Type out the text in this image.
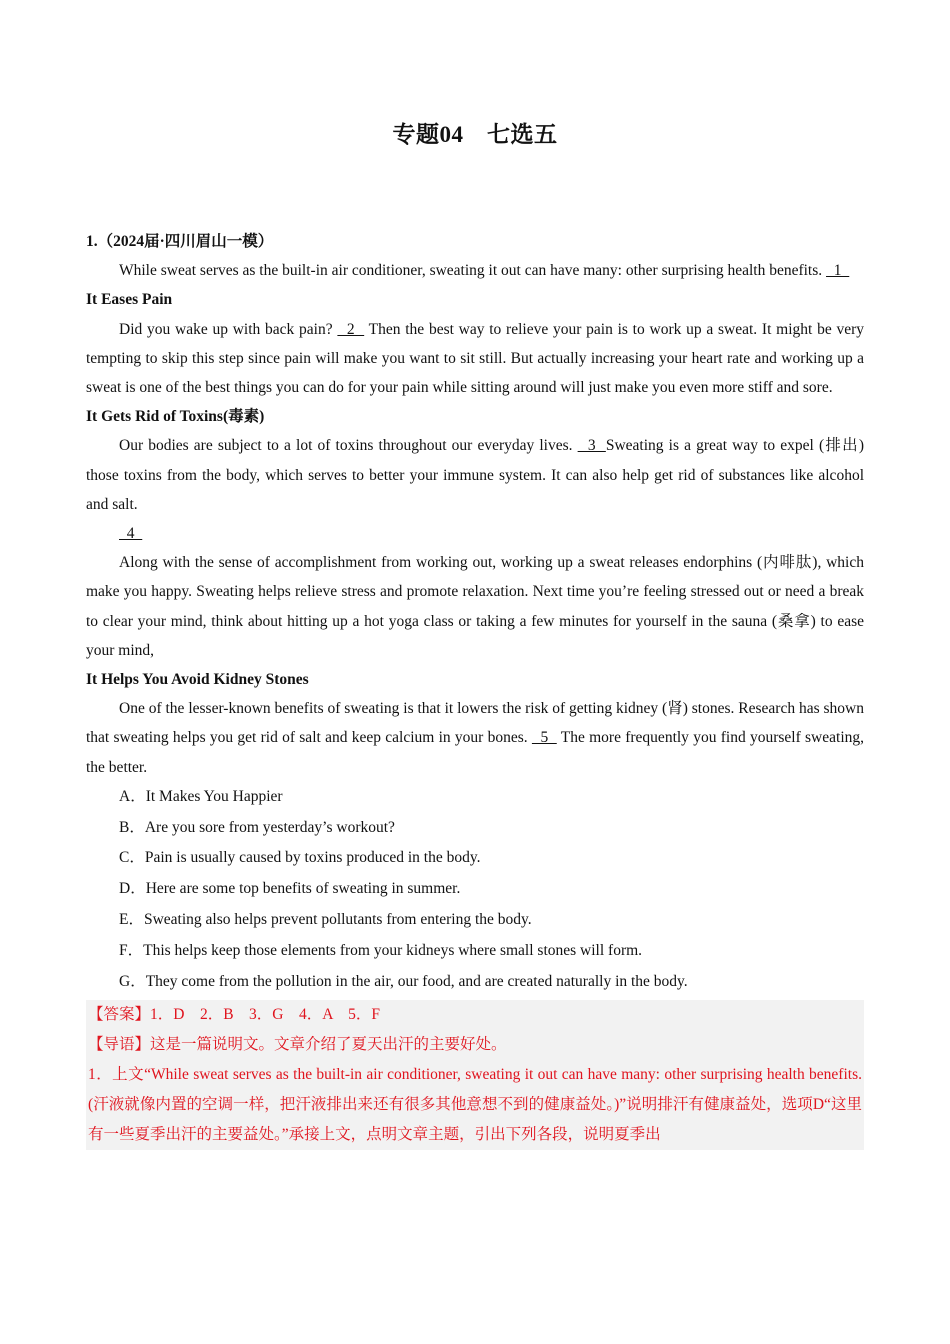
专题04　七选五

1.（2024届·四川眉山一模）

While sweat serves as the built-in air conditioner, sweating it out can have many: other surprising health benefits.   1

It Eases Pain

Did you wake up with back pain?   2   Then the best way to relieve your pain is to work up a sweat. It might be very tempting to skip this step since pain will make you want to sit still. But actually increasing your heart rate and working up a sweat is one of the best things you can do for your pain while sitting around will just make you even more stiff and sore.

It Gets Rid of Toxins(毒素)

Our bodies are subject to a lot of toxins throughout our everyday lives.   3  Sweating is a great way to expel (排出) those toxins from the body, which serves to better your immune system. It can also help get rid of substances like alcohol and salt.

4

Along with the sense of accomplishment from working out, working up a sweat releases endorphins (内啡肽), which make you happy. Sweating helps relieve stress and promote relaxation. Next time you’re feeling stressed out or need a break to clear your mind, think about hitting up a hot yoga class or taking a few minutes for yourself in the sauna (桑拿) to ease your mind,

It Helps You Avoid Kidney Stones

One of the lesser-known benefits of sweating is that it lowers the risk of getting kidney (肾) stones. Research has shown that sweating helps you get rid of salt and keep calcium in your bones.   5   The more frequently you find yourself sweating, the better.

A．It Makes You Happier

B．Are you sore from yesterday’s workout?

C．Pain is usually caused by toxins produced in the body.

D．Here are some top benefits of sweating in summer.

E．Sweating also helps prevent pollutants from entering the body.

F．This helps keep those elements from your kidneys where small stones will form.

G．They come from the pollution in the air, our food, and are created naturally in the body.

【答案】1．D　2．B　3．G　4．A　5．F

【导语】这是一篇说明文。文章介绍了夏天出汗的主要好处。

1．上文“While sweat serves as the built-in air conditioner, sweating it out can have many: other surprising health benefits. (汗液就像内置的空调一样，把汗液排出来还有很多其他意想不到的健康益处。)”说明排汗有健康益处，选项D“这里有一些夏季出汗的主要益处。”承接上文，点明文章主题，引出下列各段，说明夏季出
